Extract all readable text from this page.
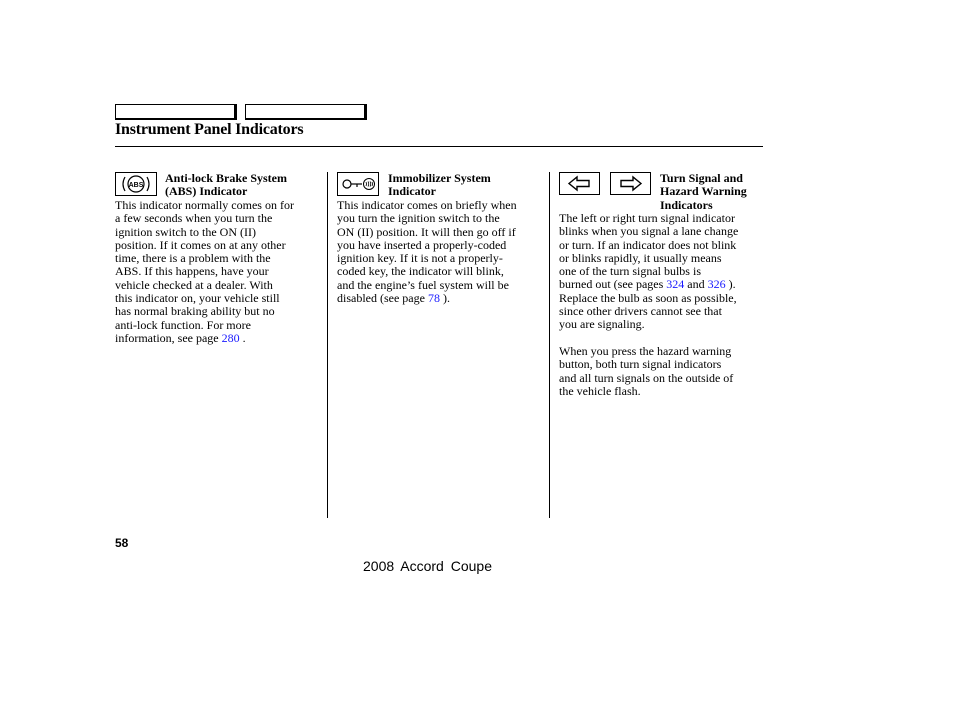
Instrument Panel Indicators
ABS
Anti-lock Brake System
(ABS) Indicator
This indicator normally comes on for
a few seconds when you turn the
ignition switch to the ON (II)
position. If it comes on at any other
time, there is a problem with the
ABS. If this happens, have your
vehicle checked at a dealer. With
this indicator on, your vehicle still
has normal braking ability but no
anti-lock function. For more
information, see page 280 .
Immobilizer System
Indicator
This indicator comes on briefly when
you turn the ignition switch to the
ON (II) position. It will then go off if
you have inserted a properly-coded
ignition key. If it is not a properly-
coded key, the indicator will blink,
and the engine’s fuel system will be
disabled (see page 78 ).
Turn Signal and
Hazard Warning
Indicators
The left or right turn signal indicator
blinks when you signal a lane change
or turn. If an indicator does not blink
or blinks rapidly, it usually means
one of the turn signal bulbs is
burned out (see pages 324 and 326 ).
Replace the bulb as soon as possible,
since other drivers cannot see that
you are signaling.
When you press the hazard warning
button, both turn signal indicators
and all turn signals on the outside of
the vehicle flash.
58
2008 Accord Coupe
